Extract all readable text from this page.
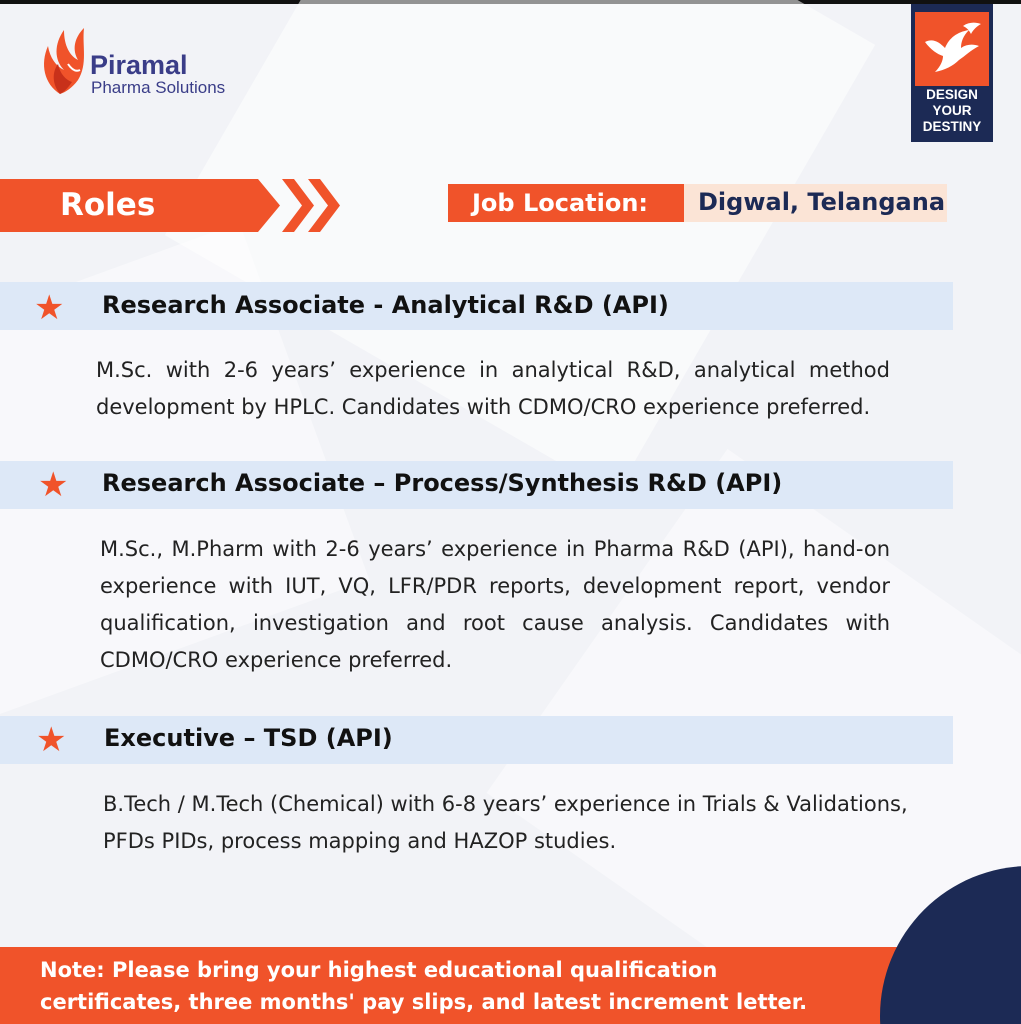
Piramal
Pharma Solutions	DESIGN
YOUR
DESTINY
Roles	Job Location: Digwal, Telangana
★ Research Associate - Analytical R&D (API)
M.Sc. with 2-6 years’ experience in analytical R&D, analytical method development by HPLC. Candidates with CDMO/CRO experience preferred.
★ Research Associate – Process/Synthesis R&D (API)
M.Sc., M.Pharm with 2-6 years’ experience in Pharma R&D (API), hand-on experience with IUT, VQ, LFR/PDR reports, development report, vendor qualification, investigation and root cause analysis. Candidates with CDMO/CRO experience preferred.
★ Executive – TSD (API)
B.Tech / M.Tech (Chemical) with 6-8 years’ experience in Trials & Validations, PFDs PIDs, process mapping and HAZOP studies.
Note: Please bring your highest educational qualification certificates, three months' pay slips, and latest increment letter.
